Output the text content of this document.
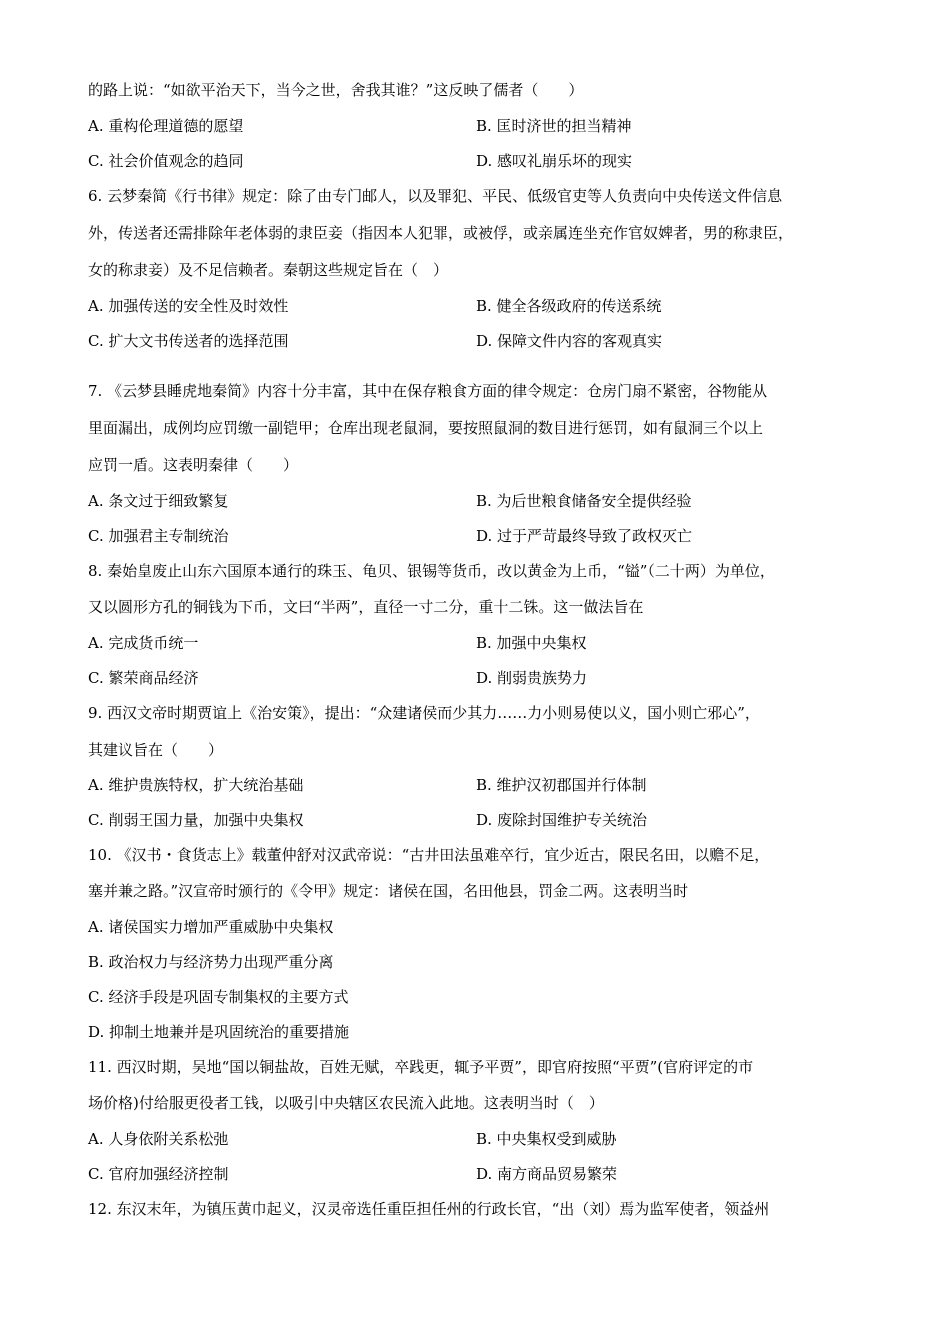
的路上说：“如欲平治天下，当今之世，舍我其谁？”这反映了儒者（　　）
A. 重构伦理道德的愿望	B. 匡时济世的担当精神
C. 社会价值观念的趋同	D. 感叹礼崩乐坏的现实
6. 云梦秦简《行书律》规定：除了由专门邮人，以及罪犯、平民、低级官吏等人负责向中央传送文件信息
外，传送者还需排除年老体弱的隶臣妾（指因本人犯罪，或被俘，或亲属连坐充作官奴婢者，男的称隶臣，
女的称隶妾）及不足信赖者。秦朝这些规定旨在（　）
A. 加强传送的安全性及时效性	B. 健全各级政府的传送系统
C. 扩大文书传送者的选择范围	D. 保障文件内容的客观真实
7. 《云梦县睡虎地秦简》内容十分丰富，其中在保存粮食方面的律令规定：仓房门扇不紧密，谷物能从
里面漏出，成例均应罚缴一副铠甲；仓库出现老鼠洞，要按照鼠洞的数目进行惩罚，如有鼠洞三个以上
应罚一盾。这表明秦律（　　）
A. 条文过于细致繁复	B. 为后世粮食储备安全提供经验
C. 加强君主专制统治	D. 过于严苛最终导致了政权灭亡
8. 秦始皇废止山东六国原本通行的珠玉、龟贝、银锡等货币，改以黄金为上币，“镒”（二十两）为单位，
又以圆形方孔的铜钱为下币，文曰“半两”，直径一寸二分，重十二铢。这一做法旨在
A. 完成货币统一	B. 加强中央集权
C. 繁荣商品经济	D. 削弱贵族势力
9. 西汉文帝时期贾谊上《治安策》，提出：“众建诸侯而少其力……力小则易使以义，国小则亡邪心”，
其建议旨在（　　）
A. 维护贵族特权，扩大统治基础	B. 维护汉初郡国并行体制
C. 削弱王国力量，加强中央集权	D. 废除封国维护专关统治
10. 《汉书・食货志上》载董仲舒对汉武帝说：“古井田法虽难卒行，宜少近古，限民名田，以赡不足，
塞并兼之路。”汉宣帝时颁行的《令甲》规定：诸侯在国，名田他县，罚金二两。这表明当时
A. 诸侯国实力增加严重威胁中央集权
B. 政治权力与经济势力出现严重分离
C. 经济手段是巩固专制集权的主要方式
D. 抑制土地兼并是巩固统治的重要措施
11. 西汉时期，吴地“国以铜盐故，百姓无赋，卒践更，辄予平贾”，即官府按照“平贾”(官府评定的市
场价格)付给服更役者工钱，以吸引中央辖区农民流入此地。这表明当时（　）
A. 人身依附关系松弛	B. 中央集权受到威胁
C. 官府加强经济控制	D. 南方商品贸易繁荣
12. 东汉末年，为镇压黄巾起义，汉灵帝选任重臣担任州的行政长官，“出（刘）焉为监军使者，领益州
